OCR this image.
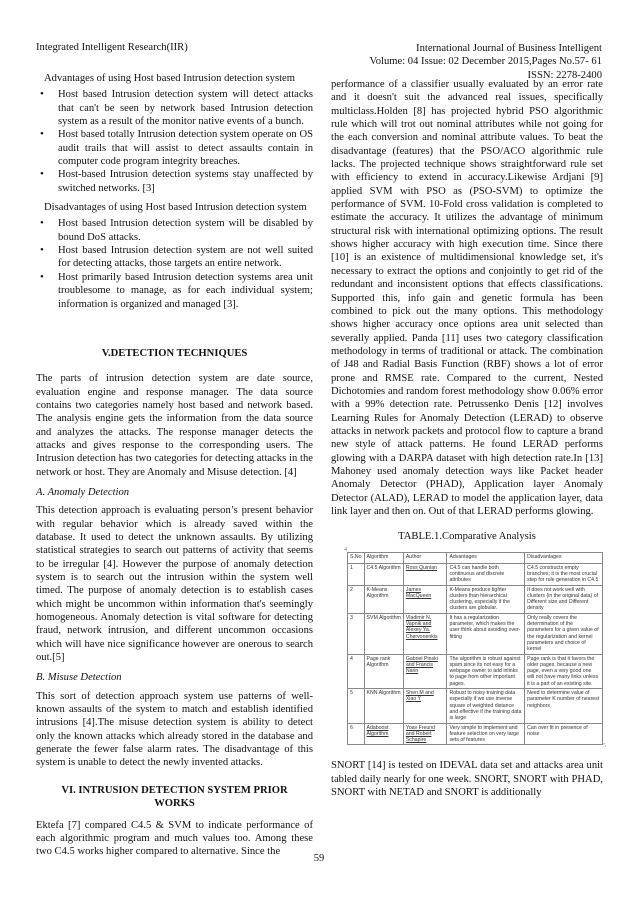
Integrated Intelligent Research(IIR)	International Journal of Business Intelligent
Volume: 04 Issue: 02 December 2015,Pages No.57- 61
ISSN: 2278-2400

Advantages of using Host based Intrusion detection system

• Host based Intrusion detection system will detect attacks that can't be seen by network based Intrusion detection system as a result of the monitor native events of a bunch.
• Host based totally Intrusion detection system operate on OS audit trails that will assist to detect assaults contain in computer code program integrity breaches.
• Host-based Intrusion detection systems stay unaffected by switched networks. [3]

Disadvantages of using Host based Intrusion detection system

• Host based Intrusion detection system will be disabled by bound DoS attacks.
• Host based Intrusion detection system are not well suited for detecting attacks, those targets an entire network.
• Host primarily based Intrusion detection systems area unit troublesome to manage, as for each individual system; information is organized and managed [3].
V.DETECTION TECHNIQUES

The parts of intrusion detection system are date source, evaluation engine and response manager. The data source contains two categories namely host based and network based. The analysis engine gets the information from the data source and analyzes the attacks. The response manager detects the attacks and gives response to the corresponding users. The Intrusion detection has two categories for detecting attacks in the network or host. They are Anomaly and Misuse detection. [4]

A. Anomaly Detection

This detection approach is evaluating person’s present behavior with regular behavior which is already saved within the database. It used to detect the unknown assaults. By utilizing statistical strategies to search out patterns of activity that seems to be irregular [4]. However the purpose of anomaly detection system is to search out the intrusion within the system well timed. The purpose of anomaly detection is to establish cases which might be uncommon within information that's seemingly homogeneous. Anomaly detection is vital software for detecting fraud, network intrusion, and different uncommon occasions which will have nice significance however are onerous to search out.[5]

B. Misuse Detection

This sort of detection approach system use patterns of well-known assaults of the system to match and establish identified intrusions [4].The misuse detection system is ability to detect only the known attacks which already stored in the database and generate the fewer false alarm rates. The disadvantage of this system is unable to detect the newly invented attacks.

VI. INTRUSION DETECTION SYSTEM PRIOR
WORKS

Ektefa [7] compared C4.5 & SVM to indicate performance of each algorithmic program and much values too. Among these two C4.5 works higher compared to alternative. Since the

performance of a classifier usually evaluated by an error rate and it doesn't suit the advanced real issues, specifically multiclass.Holden [8] has projected hybrid PSO algorithmic rule which will trot out nominal attributes while not going for the each conversion and nominal attribute values. To beat the disadvantage (features) that the PSO/ACO algorithmic rule lacks. The projected technique shows straightforward rule set with efficiency to extend in accuracy.Likewise Ardjani [9] applied SVM with PSO as (PSO-SVM) to optimize the performance of SVM. 10-Fold cross validation is completed to estimate the accuracy. It utilizes the advantage of minimum structural risk with international optimizing options. The result shows higher accuracy with high execution time. Since there [10] is an existence of multidimensional knowledge set, it's necessary to extract the options and conjointly to get rid of the redundant and inconsistent options that effects classifications. Supported this, info gain and genetic formula has been combined to pick out the many options. This methodology shows higher accuracy once options area unit selected than severally applied. Panda [11] uses two category classification methodology in terms of traditional or attack. The combination of J48 and Radial Basis Function (RBF) shows a lot of error prone and RMSE rate. Compared to the current, Nested Dichotomies and random forest methodology show 0.06% error with a 99% detection rate. Petrussenko Denis [12] involves Learning Rules for Anomaly Detection (LERAD) to observe attacks in network packets and protocol flow to capture a brand new style of attack patterns. He found LERAD performs glowing with a DARPA dataset with high detection rate.In [13] Mahoney used anomaly detection ways like Packet header Anomaly Detector (PHAD), Application layer Anomaly Detector (ALAD), LERAD to model the application layer, data link layer and then on. Out of that LERAD performs glowing.

TABLE.1.Comparative Analysis
4
S.No	Algorithm	Author	Advantages	Disadvantages
1	C4.5 Algorithm	Ross Quinlan	C4.5 can handle both continuous and discrete attributes	C4.5 constructs empty branches; it is the most crucial step for rule generation in C4.5
2	K-Means Algorithm	James MacQueen	K-Means produce tighter clusters than hierarchical clustering, especially if the clusters are globular.	It does not work well with clusters (in the original data) of Different size and Different density
3	SVM Algorithm	Vladimir N. Vapnik and Alexey Ya. Chervonenkis	It has a regularization parameter, which makes the user think about avoiding over-fitting	Only really covers the determination of the parameters for a given value of the regularization and kernel parameters and choice of kernel
4	Page rank Algorithm	Gabriel Pinski and Francis Narin	The algorithm is robust against spam since its not easy for a webpage owner to add inlinks to page from other important pages.	Page rank is that it favors the older pages, because a new page, even a very good one will not have many links unless it is a part of an existing site.
5	KNN Algorithm	Shen M and Xiao Y	Robust to noisy training data especially if we use inverse square of weighted distance and effective if the training data is large	Need to determine value of parameter K number of nearest neighbors
6	Adaboost Algorithm	Yoav Freund and Robert Schapire	Very simple to implement and feature selection on very large sets of features	Can over fit in presence of noise
5

SNORT [14] is tested on IDEVAL data set and attacks area unit tabled daily nearly for one week. SNORT, SNORT with PHAD, SNORT with NETAD and SNORT is additionally

59
